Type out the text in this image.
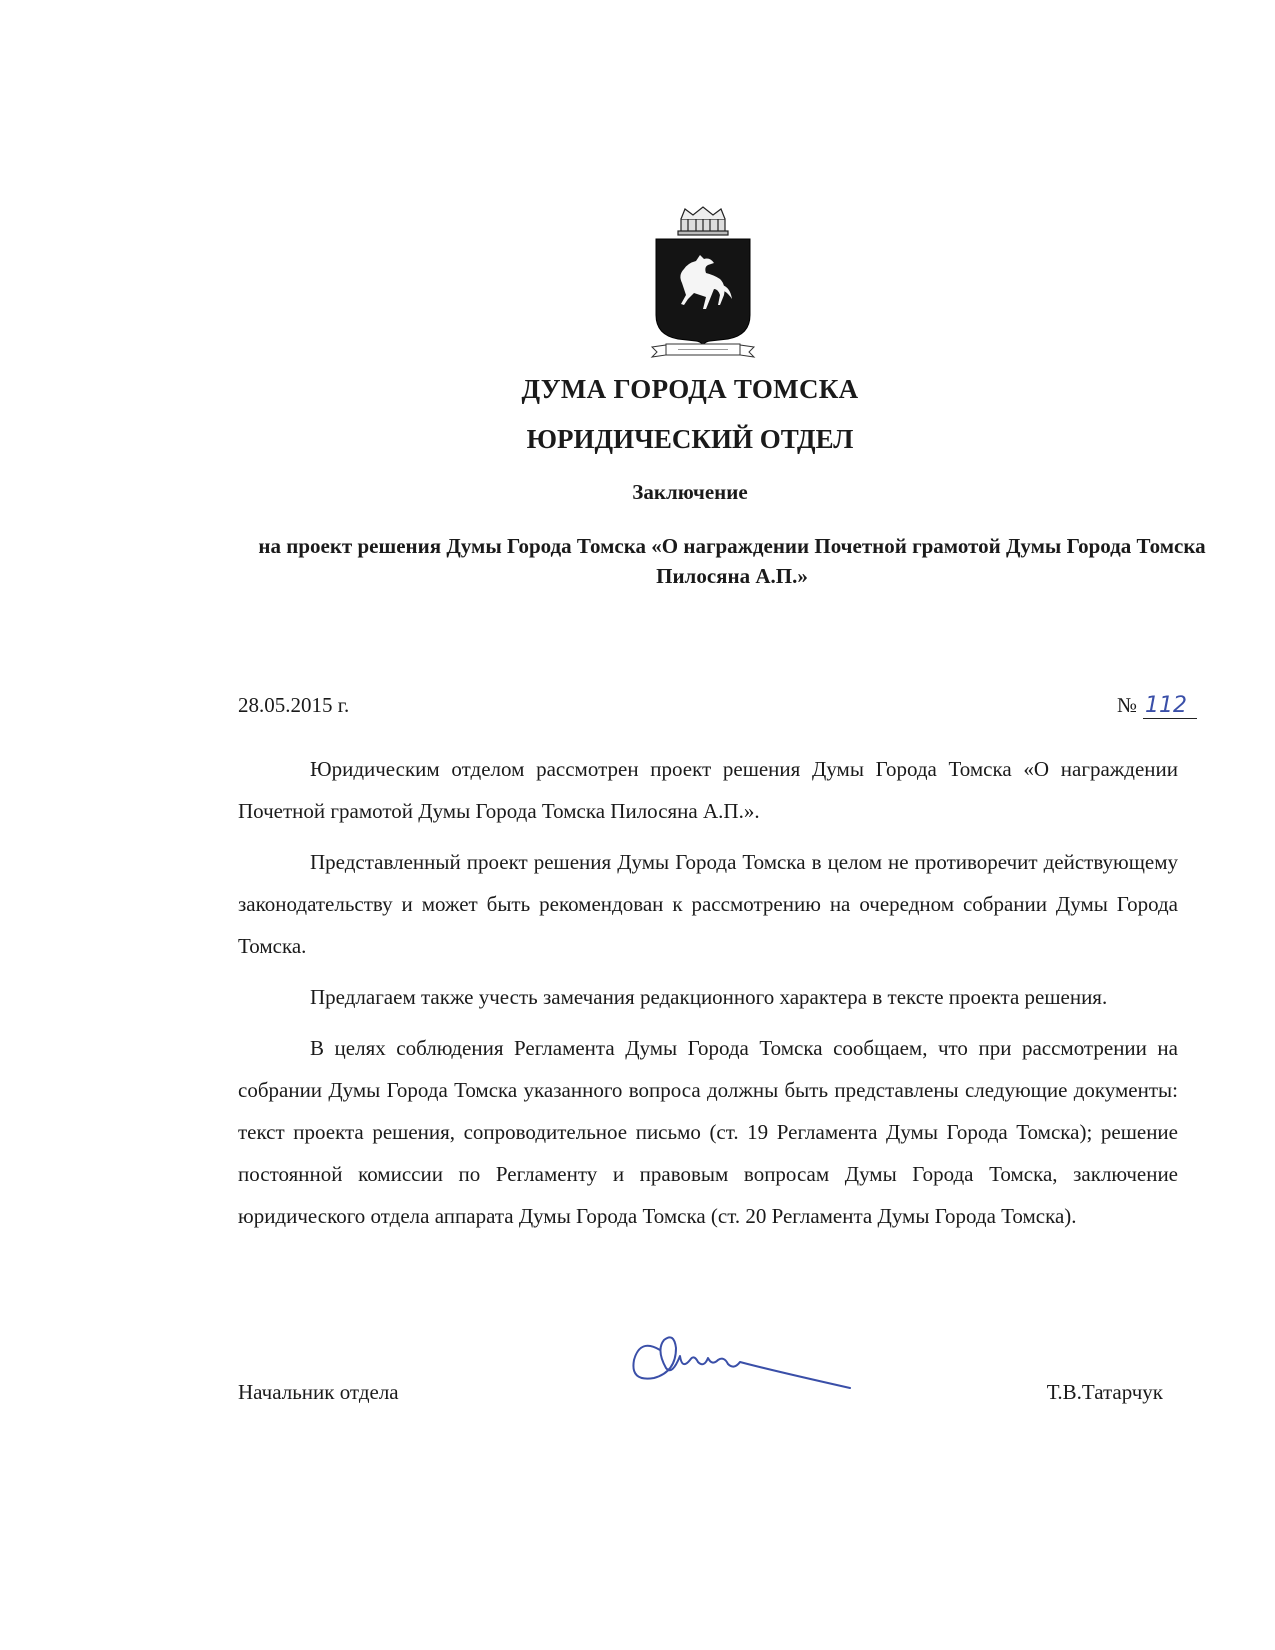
ДУМА ГОРОДА ТОМСКА
ЮРИДИЧЕСКИЙ ОТДЕЛ
Заключение
на проект решения Думы Города Томска «О награждении Почетной грамотой Думы Города Томска Пилосяна А.П.»
28.05.2015 г.	№ 112

Юридическим отделом рассмотрен проект решения Думы Города Томска «О награждении Почетной грамотой Думы Города Томска Пилосяна А.П.».

Представленный проект решения Думы Города Томска в целом не противоречит действующему законодательству и может быть рекомендован к рассмотрению на очередном собрании Думы Города Томска.

Предлагаем также учесть замечания редакционного характера в тексте проекта решения.

В целях соблюдения Регламента Думы Города Томска сообщаем, что при рассмотрении на собрании Думы Города Томска указанного вопроса должны быть представлены следующие документы: текст проекта решения, сопроводительное письмо (ст. 19 Регламента Думы Города Томска); решение постоянной комиссии по Регламенту и правовым вопросам Думы Города Томска, заключение юридического отдела аппарата Думы Города Томска (ст. 20 Регламента Думы Города Томска).

Начальник отдела	Т.В.Татарчук
